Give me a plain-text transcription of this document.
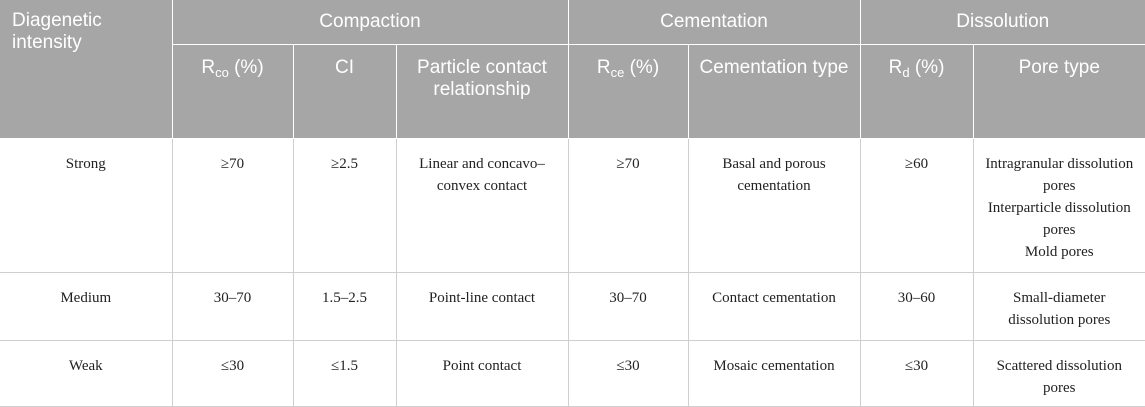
Diagenetic intensity	Compaction			Cementation		Dissolution	
	$R_{co}$ (%)	CI	Particle contact relationship	$R_{ce}$ (%)	Cementation type	$R_d$ (%)	Pore type
Strong	≥70	≥2.5	Linear and concavo–convex contact	≥70	Basal and porous cementation	≥60	Intragranular dissolution pores
Interparticle dissolution pores
Mold pores

Medium	30–70	1.5–2.5	Point-line contact	30–70	Contact cementation	30–60	Small-diameter dissolution pores

Weak	≤30	≤1.5	Point contact	≤30	Mosaic cementation	≤30	Scattered dissolution pores
